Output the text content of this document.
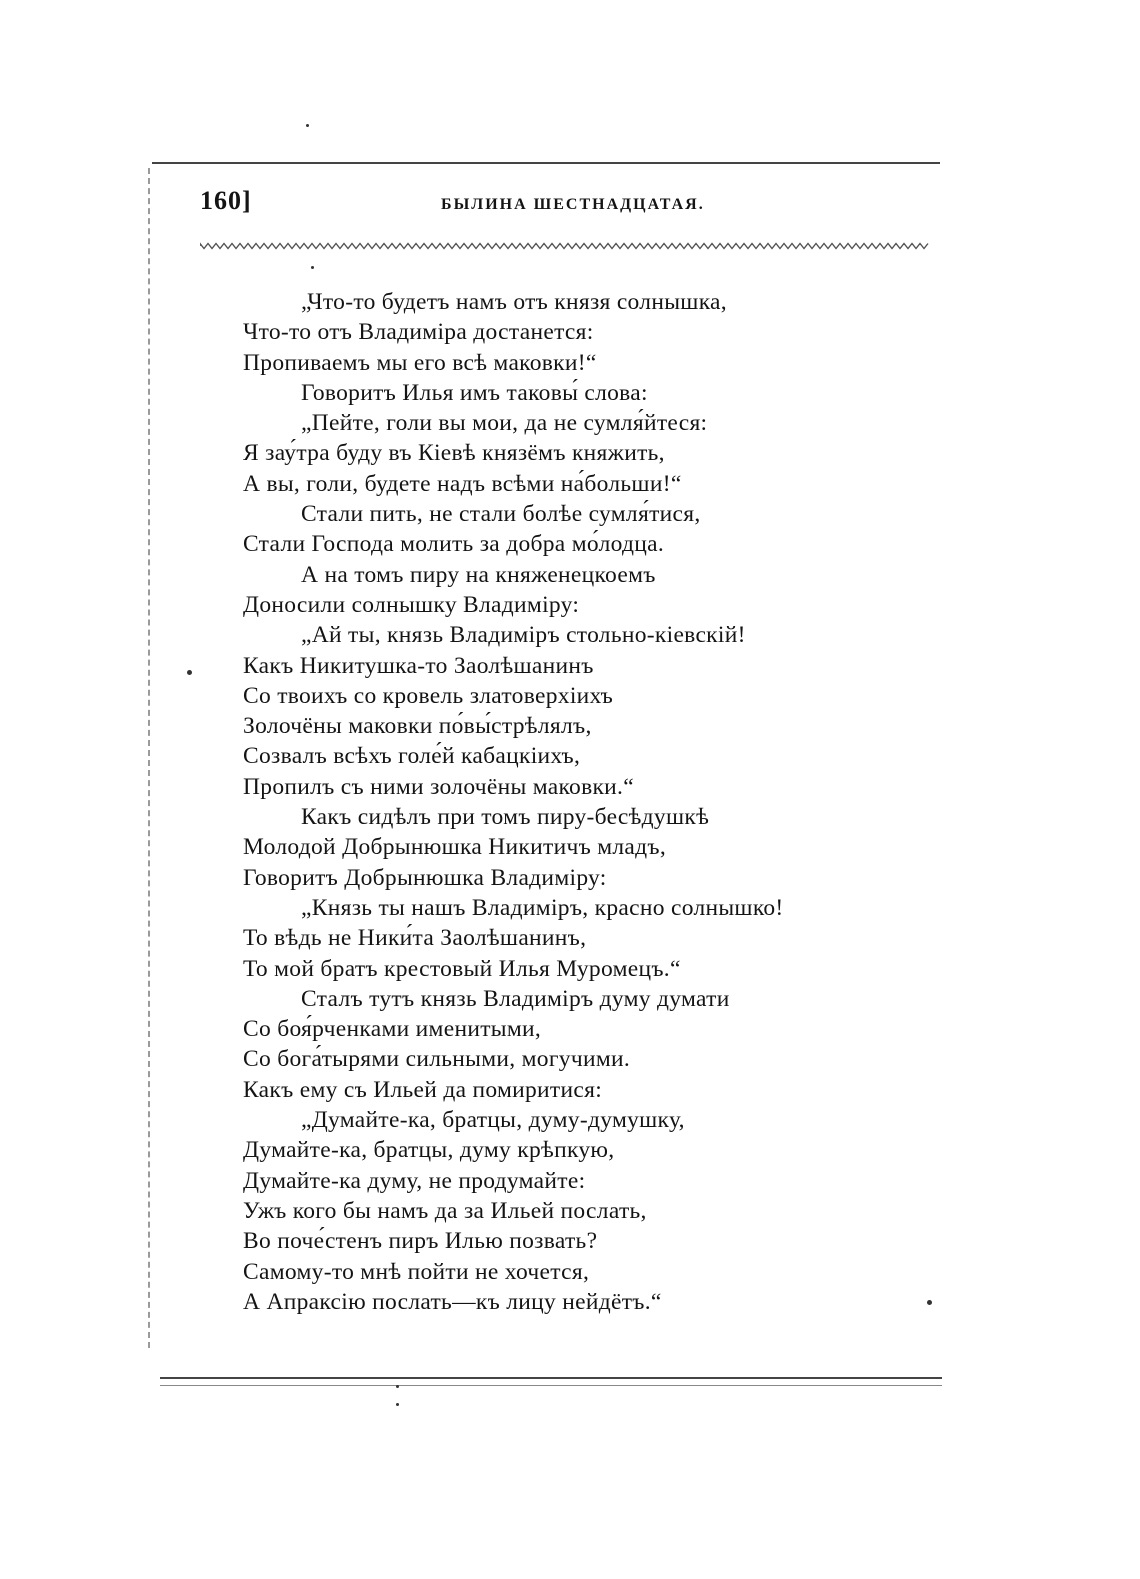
160]	БЫЛИНА ШЕСТНАДЦАТАЯ.
„Что-то будетъ намъ отъ князя солнышка,
Что-то отъ Владиміра достанется:
Пропиваемъ мы его всѣ маковки!“
Говоритъ Илья имъ таковы́ слова:
„Пейте, голи вы мои, да не сумля́йтеся:
Я зау́тра буду въ Кіевѣ князёмъ княжить,
А вы, голи, будете надъ всѣми на́больши!“
Стали пить, не стали болѣе сумля́тися,
Стали Господа молить за добра мо́лодца.
А на томъ пиру на княженецкоемъ
Доносили солнышку Владиміру:
„Ай ты, князь Владиміръ стольно-кіевскій!
Какъ Никитушка-то Заолѣшанинъ
Со твоихъ со кровель златоверхіихъ
Золочёны маковки по́вы́стрѣлялъ,
Созвалъ всѣхъ голе́й кабацкіихъ,
Пропилъ съ ними золочёны маковки.“
Какъ сидѣлъ при томъ пиру-бесѣдушкѣ
Молодой Добрынюшка Никитичъ младъ,
Говоритъ Добрынюшка Владиміру:
„Князь ты нашъ Владиміръ, красно солнышко!
То вѣдь не Ники́та Заолѣшанинъ,
То мой братъ крестовый Илья Муромецъ.“
Сталъ тутъ князь Владиміръ думу думати
Со боя́рченками именитыми,
Со бога́тырями сильными, могучими.
Какъ ему съ Ильей да помиритися:
„Думайте-ка, братцы, думу-думушку,
Думайте-ка, братцы, думу крѣпкую,
Думайте-ка думу, не продумайте:
Ужъ кого бы намъ да за Ильей послать,
Во поче́стенъ пиръ Илью позвать?
Самому-то мнѣ пойти не хочется,
А Апраксію послать—къ лицу нейдётъ.“
